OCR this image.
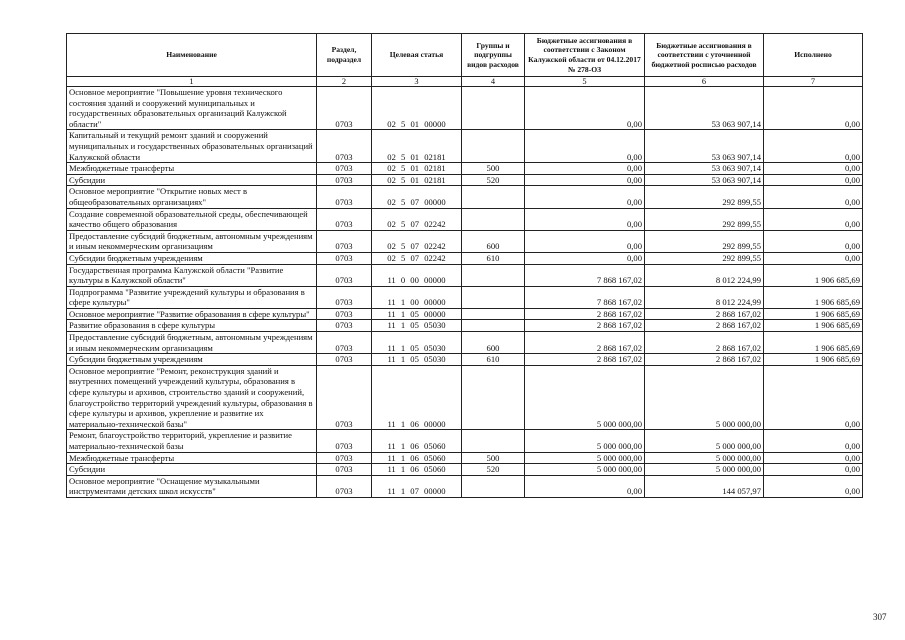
Наименование	Раздел, подраздел	Целевая статья	Группы и подгруппы видов расходов	Бюджетные ассигнования в соответствии с Законом Калужской области от 04.12.2017 № 278-ОЗ	Бюджетные ассигнования в соответствии с уточненной бюджетной росписью расходов	Исполнено
1	2	3	4	5	6	7
Основное мероприятие "Повышение уровня технического состояния зданий и сооружений муниципальных и государственных образовательных организаций Калужской области"	0703	02 5 01 00000		0,00	53 063 907,14	0,00
Капитальный и текущий ремонт зданий и сооружений муниципальных и государственных образовательных организаций Калужской области	0703	02 5 01 02181		0,00	53 063 907,14	0,00
Межбюджетные трансферты	0703	02 5 01 02181	500	0,00	53 063 907,14	0,00
Субсидии	0703	02 5 01 02181	520	0,00	53 063 907,14	0,00
Основное мероприятие "Открытие новых мест в общеобразовательных организациях"	0703	02 5 07 00000		0,00	292 899,55	0,00
Создание современной образовательной среды, обеспечивающей качество общего образования	0703	02 5 07 02242		0,00	292 899,55	0,00
Предоставление субсидий бюджетным, автономным учреждениям и иным некоммерческим организациям	0703	02 5 07 02242	600	0,00	292 899,55	0,00
Субсидии бюджетным учреждениям	0703	02 5 07 02242	610	0,00	292 899,55	0,00
Государственная программа Калужской области "Развитие культуры в Калужской области"	0703	11 0 00 00000		7 868 167,02	8 012 224,99	1 906 685,69
Подпрограмма "Развитие учреждений культуры и образования в сфере культуры"	0703	11 1 00 00000		7 868 167,02	8 012 224,99	1 906 685,69
Основное мероприятие "Развитие образования в сфере культуры"	0703	11 1 05 00000		2 868 167,02	2 868 167,02	1 906 685,69
Развитие образования в сфере культуры	0703	11 1 05 05030		2 868 167,02	2 868 167,02	1 906 685,69
Предоставление субсидий бюджетным, автономным учреждениям и иным некоммерческим организациям	0703	11 1 05 05030	600	2 868 167,02	2 868 167,02	1 906 685,69
Субсидии бюджетным учреждениям	0703	11 1 05 05030	610	2 868 167,02	2 868 167,02	1 906 685,69
Основное мероприятие "Ремонт, реконструкция зданий и внутренних помещений учреждений культуры, образования в сфере культуры и архивов, строительство зданий и сооружений, благоустройство территорий учреждений культуры, образования в сфере культуры и архивов, укрепление и развитие их материально-технической базы"	0703	11 1 06 00000		5 000 000,00	5 000 000,00	0,00
Ремонт, благоустройство территорий, укрепление и развитие материально-технической базы	0703	11 1 06 05060		5 000 000,00	5 000 000,00	0,00
Межбюджетные трансферты	0703	11 1 06 05060	500	5 000 000,00	5 000 000,00	0,00
Субсидии	0703	11 1 06 05060	520	5 000 000,00	5 000 000,00	0,00
Основное мероприятие "Оснащение музыкальными инструментами детских школ искусств"	0703	11 1 07 00000		0,00	144 057,97	0,00
307
